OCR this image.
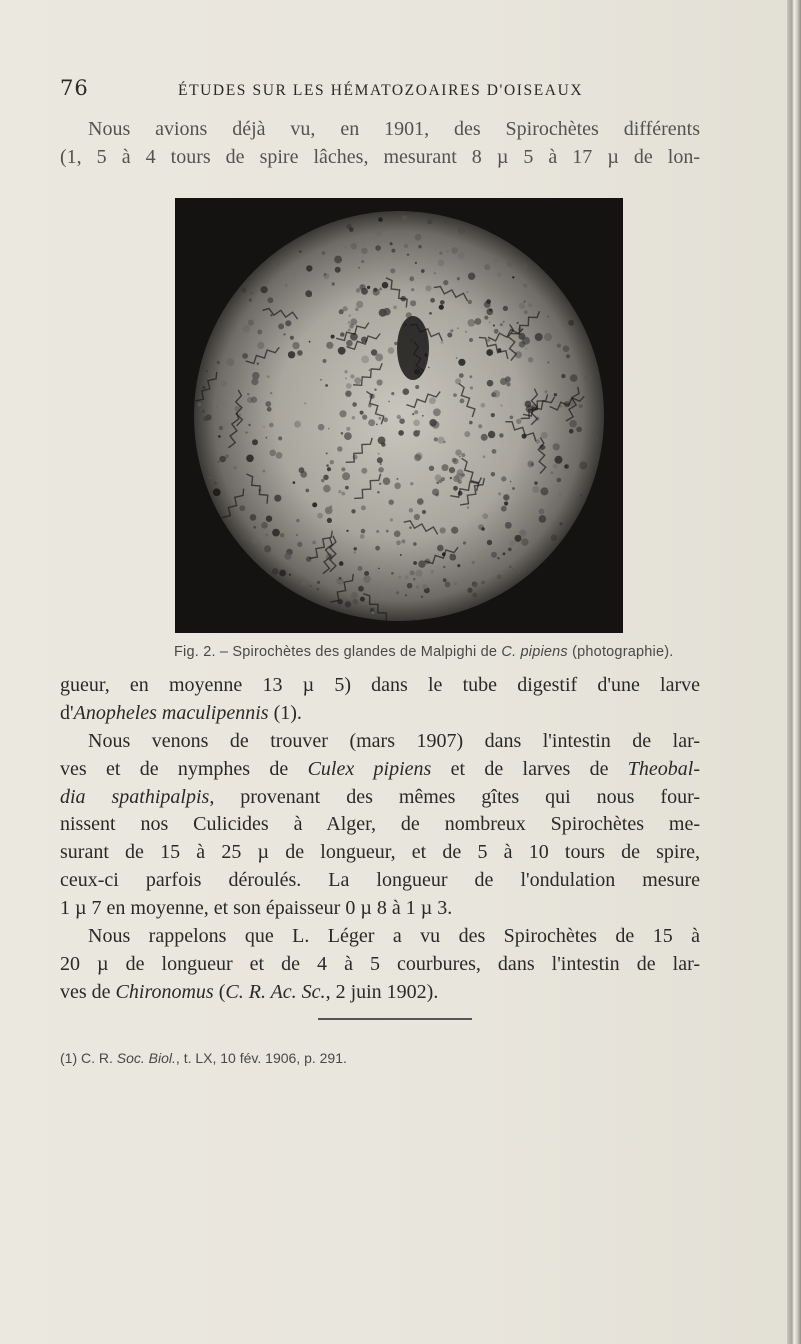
76	ÉTUDES SUR LES HÉMATOZOAIRES D'OISEAUX
Nous avions déjà vu, en 1901, des Spirochètes différents
(1, 5 à 4 tours de spire lâches, mesurant 8 µ 5 à 17 µ de lon-
Fig. 2. – Spirochètes des glandes de Malpighi de C. pipiens (photographie).
gueur, en moyenne 13 µ 5) dans le tube digestif d'une larve
d'Anopheles maculipennis (1).
Nous venons de trouver (mars 1907) dans l'intestin de lar-
ves et de nymphes de Culex pipiens et de larves de Theobal-
dia spathipalpis, provenant des mêmes gîtes qui nous four-
nissent nos Culicides à Alger, de nombreux Spirochètes me-
surant de 15 à 25 µ de longueur, et de 5 à 10 tours de spire,
ceux-ci parfois déroulés. La longueur de l'ondulation mesure
1 µ 7 en moyenne, et son épaisseur 0 µ 8 à 1 µ 3.
Nous rappelons que L. Léger a vu des Spirochètes de 15 à
20 µ de longueur et de 4 à 5 courbures, dans l'intestin de lar-
ves de Chironomus (C. R. Ac. Sc., 2 juin 1902).
(1) C. R. Soc. Biol., t. LX, 10 fév. 1906, p. 291.
